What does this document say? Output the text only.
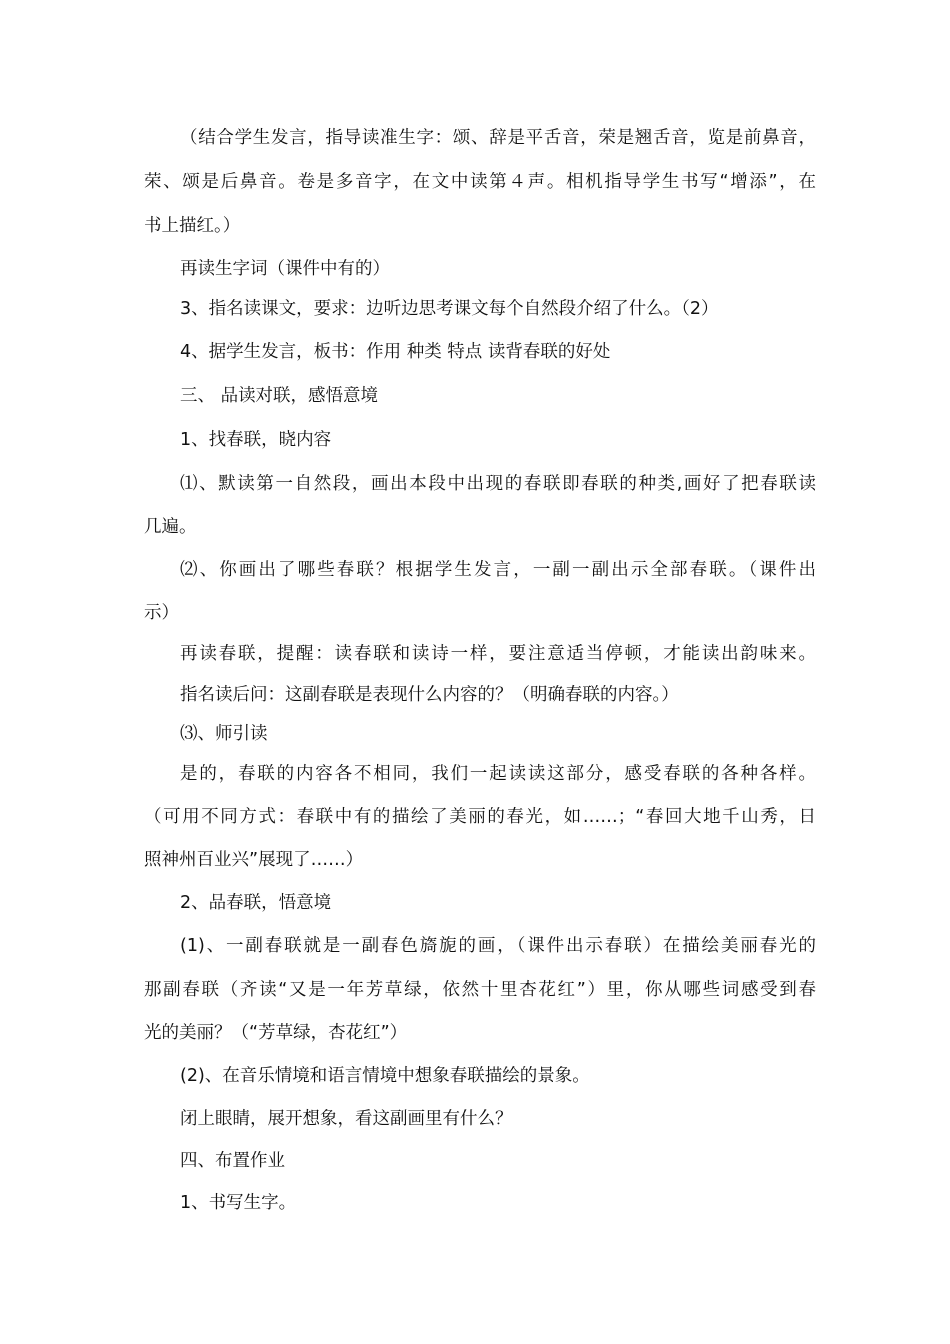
（结合学生发言，指导读准生字：颂、辞是平舌音，荣是翘舌音，览是前鼻音，
荣、颂是后鼻音。卷是多音字，在文中读第４声。相机指导学生书写“增添”，在
书上描红。）
再读生字词（课件中有的）
3、指名读课文，要求：边听边思考课文每个自然段介绍了什么。（2）
4、据学生发言，板书：作用 种类 特点 读背春联的好处
三、 品读对联，感悟意境
1、找春联，晓内容
⑴、默读第一自然段，画出本段中出现的春联即春联的种类,画好了把春联读
几遍。
⑵、你画出了哪些春联？根据学生发言，一副一副出示全部春联。（课件出
示）
再读春联，提醒：读春联和读诗一样，要注意适当停顿，才能读出韵味来。
指名读后问：这副春联是表现什么内容的？（明确春联的内容。）
⑶、师引读
是的，春联的内容各不相同，我们一起读读这部分，感受春联的各种各样。
（可用不同方式：春联中有的描绘了美丽的春光，如……；“春回大地千山秀，日
照神州百业兴”展现了……）
2、品春联，悟意境
(1)、一副春联就是一副春色旖旎的画，（课件出示春联）在描绘美丽春光的
那副春联（齐读“又是一年芳草绿，依然十里杏花红”）里，你从哪些词感受到春
光的美丽？（“芳草绿，杏花红”）
(2)、在音乐情境和语言情境中想象春联描绘的景象。
闭上眼睛，展开想象，看这副画里有什么？
四、布置作业
1、书写生字。
